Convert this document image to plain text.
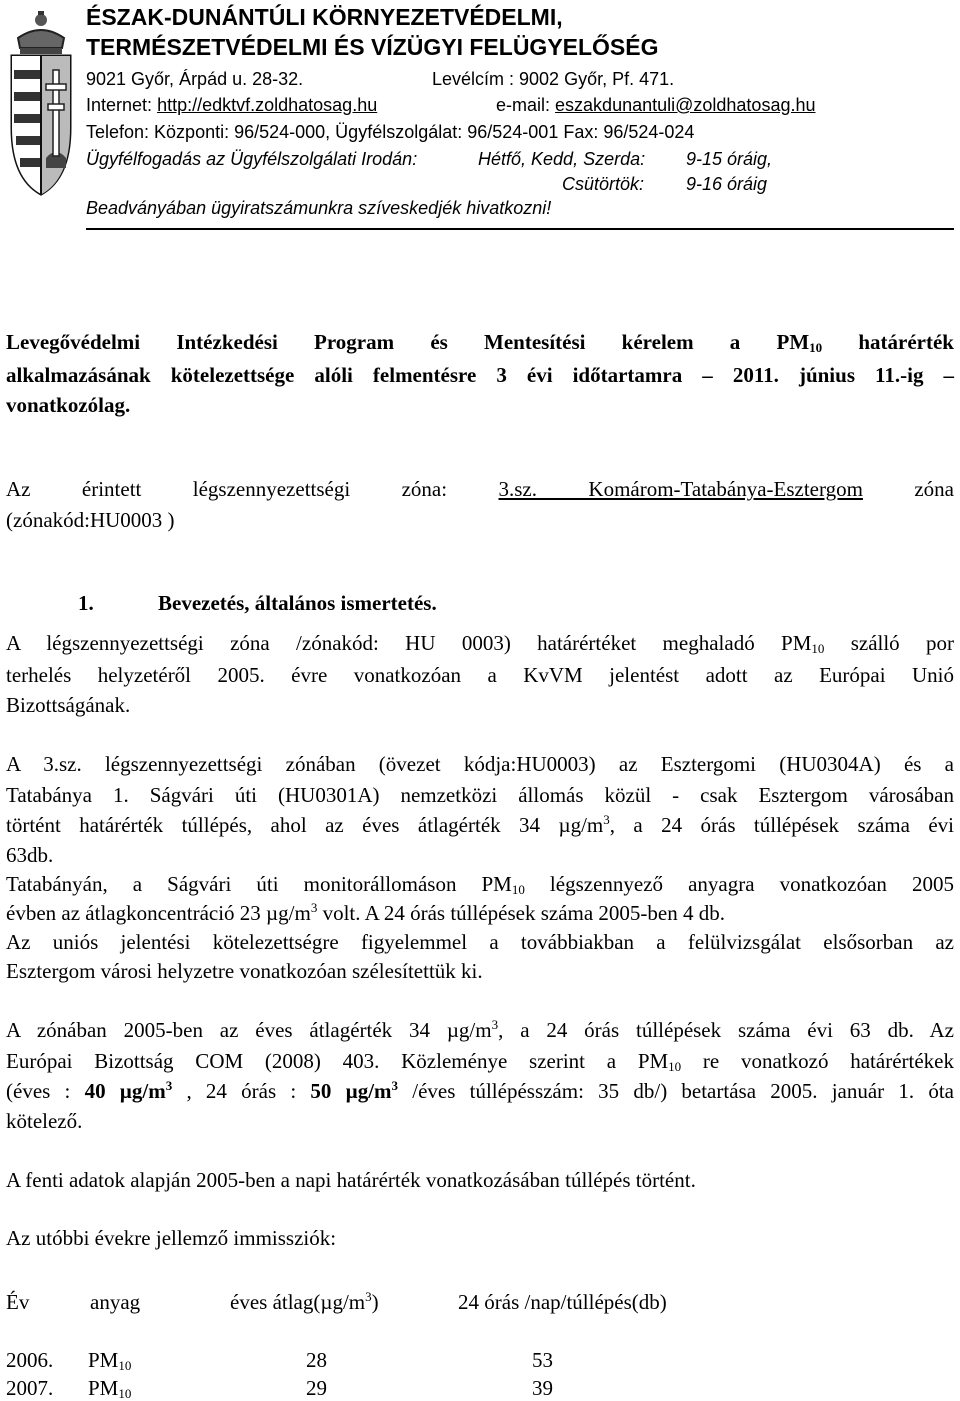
ÉSZAK-DUNÁNTÚLI KÖRNYEZETVÉDELMI,
TERMÉSZETVÉDELMI ÉS VÍZÜGYI FELÜGYELŐSÉG
9021 Győr, Árpád u. 28-32.	Levélcím : 9002 Győr, Pf. 471.
Internet: http://edktvf.zoldhatosag.hu	e-mail: eszakdunantuli@zoldhatosag.hu
Telefon: Központi: 96/524-000, Ügyfélszolgálat: 96/524-001 Fax: 96/524-024
Ügyfélfogadás az Ügyfélszolgálati Irodán:	Hétfő, Kedd, Szerda: 9-15 óráig,
Csütörtök: 9-16 óráig
Beadványában ügyiratszámunkra szíveskedjék hivatkozni!
Levegővédelmi Intézkedési Program és Mentesítési kérelem a $PM_{10}$ határérték
alkalmazásának kötelezettsége alóli felmentésre 3 évi időtartamra – 2011. június 11.-ig –
vonatkozólag.
Az érintett légszennyezettségi zóna: 3.sz. Komárom-Tatabánya-Esztergom zóna
(zónakód:HU0003 )
1.	Bevezetés, általános ismertetés.
A légszennyezettségi zóna /zónakód: HU 0003) határértéket meghaladó $PM_{10}$ szálló por
terhelés helyzetéről 2005. évre vonatkozóan a KvVM jelentést adott az Európai Unió
Bizottságának.
A 3.sz. légszennyezettségi zónában (övezet kódja:HU0003) az Esztergomi (HU0304A) és a
Tatabánya 1. Ságvári úti (HU0301A) nemzetközi állomás közül - csak Esztergom városában
történt határérték túllépés, ahol az éves átlagérték 34 $\mu g/m^3$, a 24 órás túllépések száma évi
63db.
Tatabányán, a Ságvári úti monitorállomáson $PM_{10}$ légszennyező anyagra vonatkozóan 2005
évben az átlagkoncentráció 23 $\mu g/m^3$ volt. A 24 órás túllépések száma 2005-ben 4 db.
Az uniós jelentési kötelezettségre figyelemmel a továbbiakban a felülvizsgálat elsősorban az
Esztergom városi helyzetre vonatkozóan szélesítettük ki.
A zónában 2005-ben az éves átlagérték 34 $\mu g/m^3$, a 24 órás túllépések száma évi 63 db. Az
Európai Bizottság COM (2008) 403. Közleménye szerint a $PM_{10}$ re vonatkozó határértékek
(éves : 40 $\mu g/m^3$ , 24 órás : 50 $\mu g/m^3$ /éves túllépésszám: 35 db/) betartása 2005. január 1. óta
kötelező.
A fenti adatok alapján 2005-ben a napi határérték vonatkozásában túllépés történt.
Az utóbbi évekre jellemző immissziók:
Év	anyag	éves $átlag(\mu g/m^3)$	24 órás /nap/túllépés(db)
2006. $PM_{10}$	28	53
2007. $PM_{10}$	29	39
